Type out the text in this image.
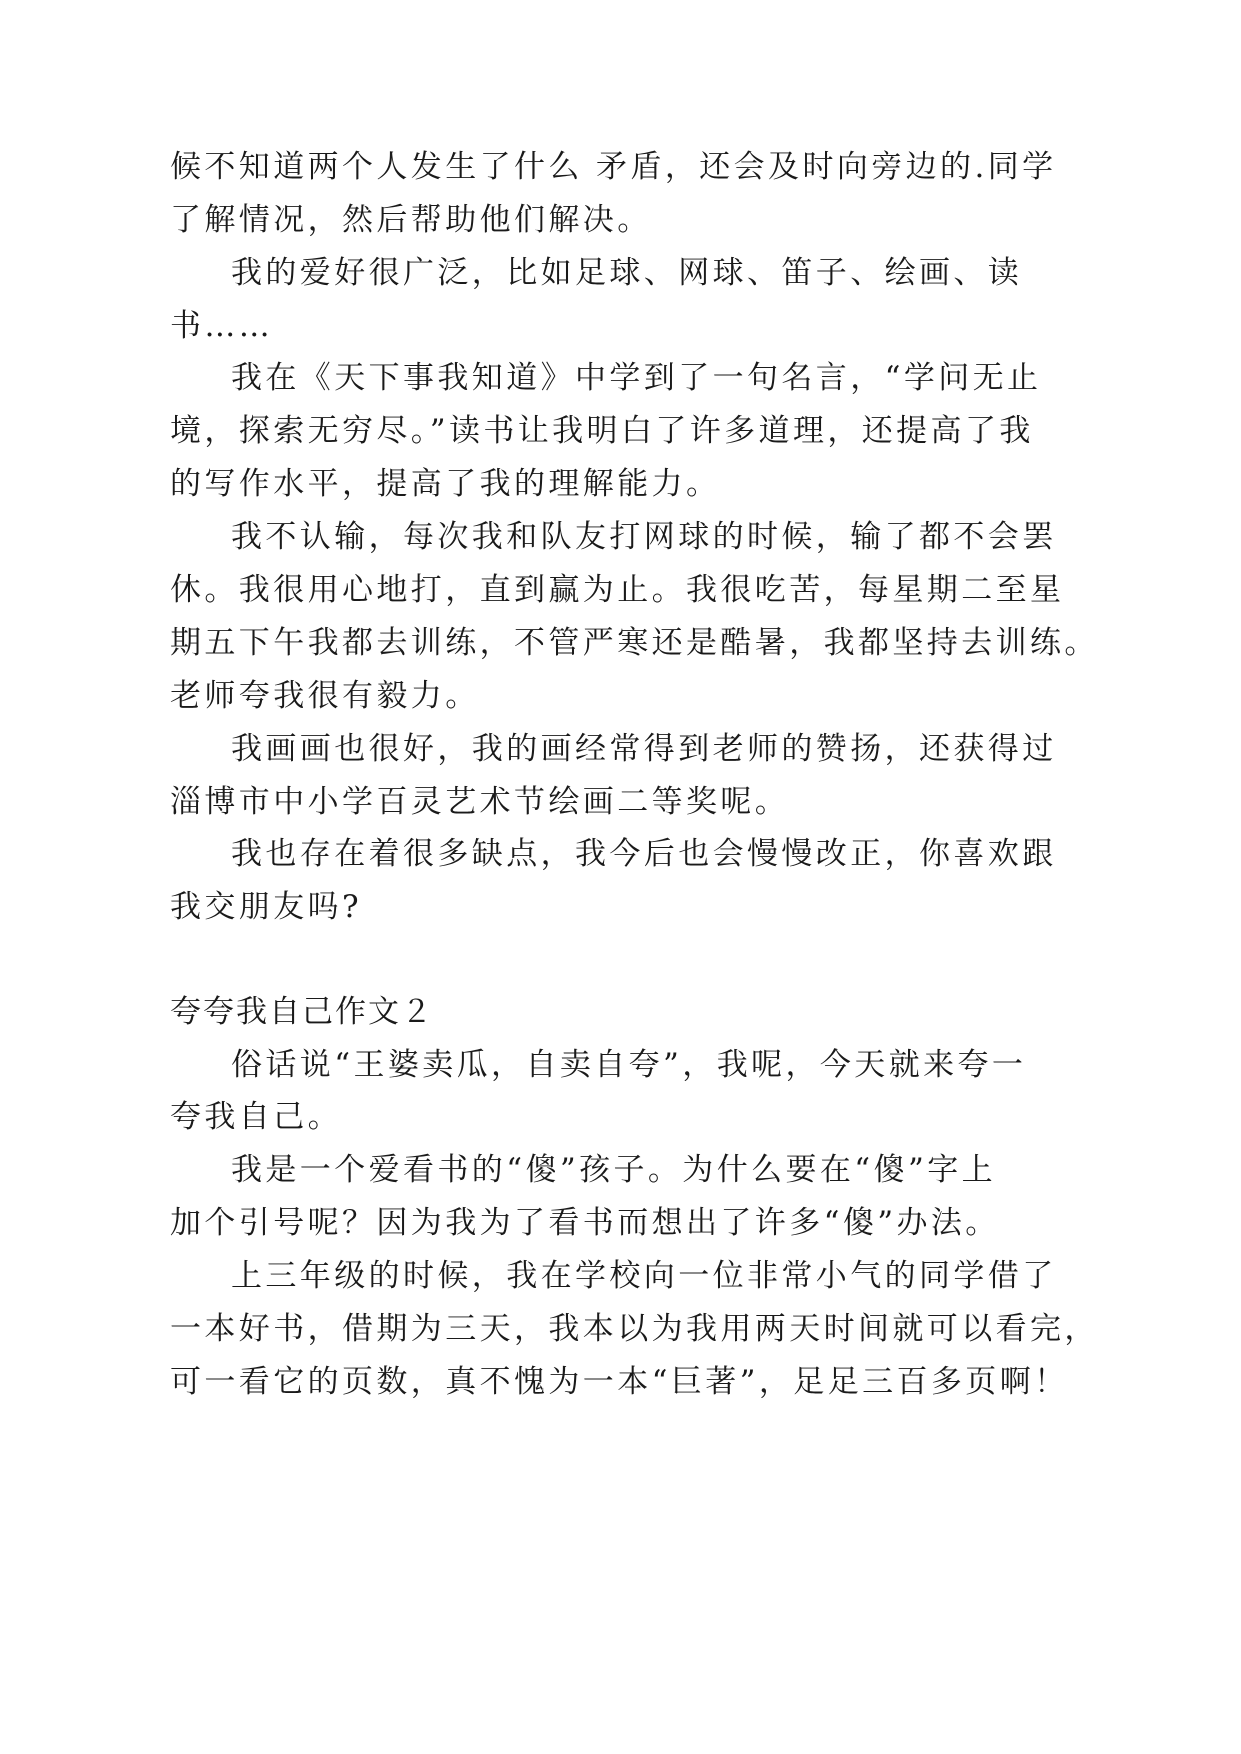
候不知道两个人发生了什么 矛盾，还会及时向旁边的.同学
了解情况，然后帮助他们解决。
我的爱好很广泛，比如足球、网球、笛子、绘画、读
书……
我在《天下事我知道》中学到了一句名言，“学问无止
境，探索无穷尽。”读书让我明白了许多道理，还提高了我
的写作水平，提高了我的理解能力。
我不认输，每次我和队友打网球的时候，输了都不会罢
休。我很用心地打，直到赢为止。我很吃苦，每星期二至星
期五下午我都去训练，不管严寒还是酷暑，我都坚持去训练。
老师夸我很有毅力。
我画画也很好，我的画经常得到老师的赞扬，还获得过
淄博市中小学百灵艺术节绘画二等奖呢。
我也存在着很多缺点，我今后也会慢慢改正，你喜欢跟
我交朋友吗?
夸夸我自己作文２
俗话说“王婆卖瓜，自卖自夸”，我呢，今天就来夸一
夸我自己。
我是一个爱看书的“傻”孩子。为什么要在“傻”字上
加个引号呢？因为我为了看书而想出了许多“傻”办法。
上三年级的时候，我在学校向一位非常小气的同学借了
一本好书，借期为三天，我本以为我用两天时间就可以看完，
可一看它的页数，真不愧为一本“巨著”，足足三百多页啊！
